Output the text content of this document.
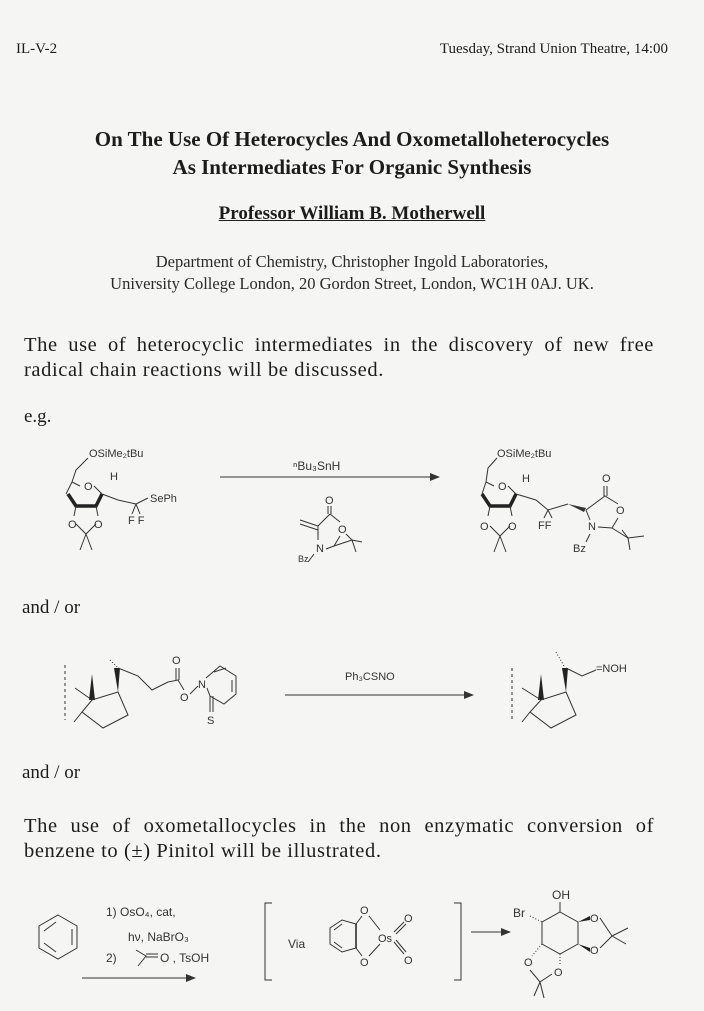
IL-V-2	Tuesday, Strand Union Theatre, 14:00
On The Use Of Heterocycles And Oxometalloheterocycles
As Intermediates For Organic Synthesis
Professor William B. Motherwell
Department of Chemistry, Christopher Ingold Laboratories,
University College London, 20 Gordon Street, London, WC1H 0AJ. UK.
The use of heterocyclic intermediates in the discovery of new free
radical chain reactions will be discussed.
e.g.
and / or
and / or
The use of oxometallocycles in the non enzymatic conversion of
benzene to (±) Pinitol will be illustrated.
OSiMe₂tBu
O
H
O O
SePh
F F
ⁿBu₃SnH
O
O
N
Bz
OSiMe₂tBu
O
H
O O FF
O
O
N
Bz
O
O
N
S
Ph₃CSNO
=NOH
1) OsO₄, cat,
hν, NaBrO₃
2)	O , TsOH
Via
O
O
Os
O
O
OH
Br	O
O
O
O
